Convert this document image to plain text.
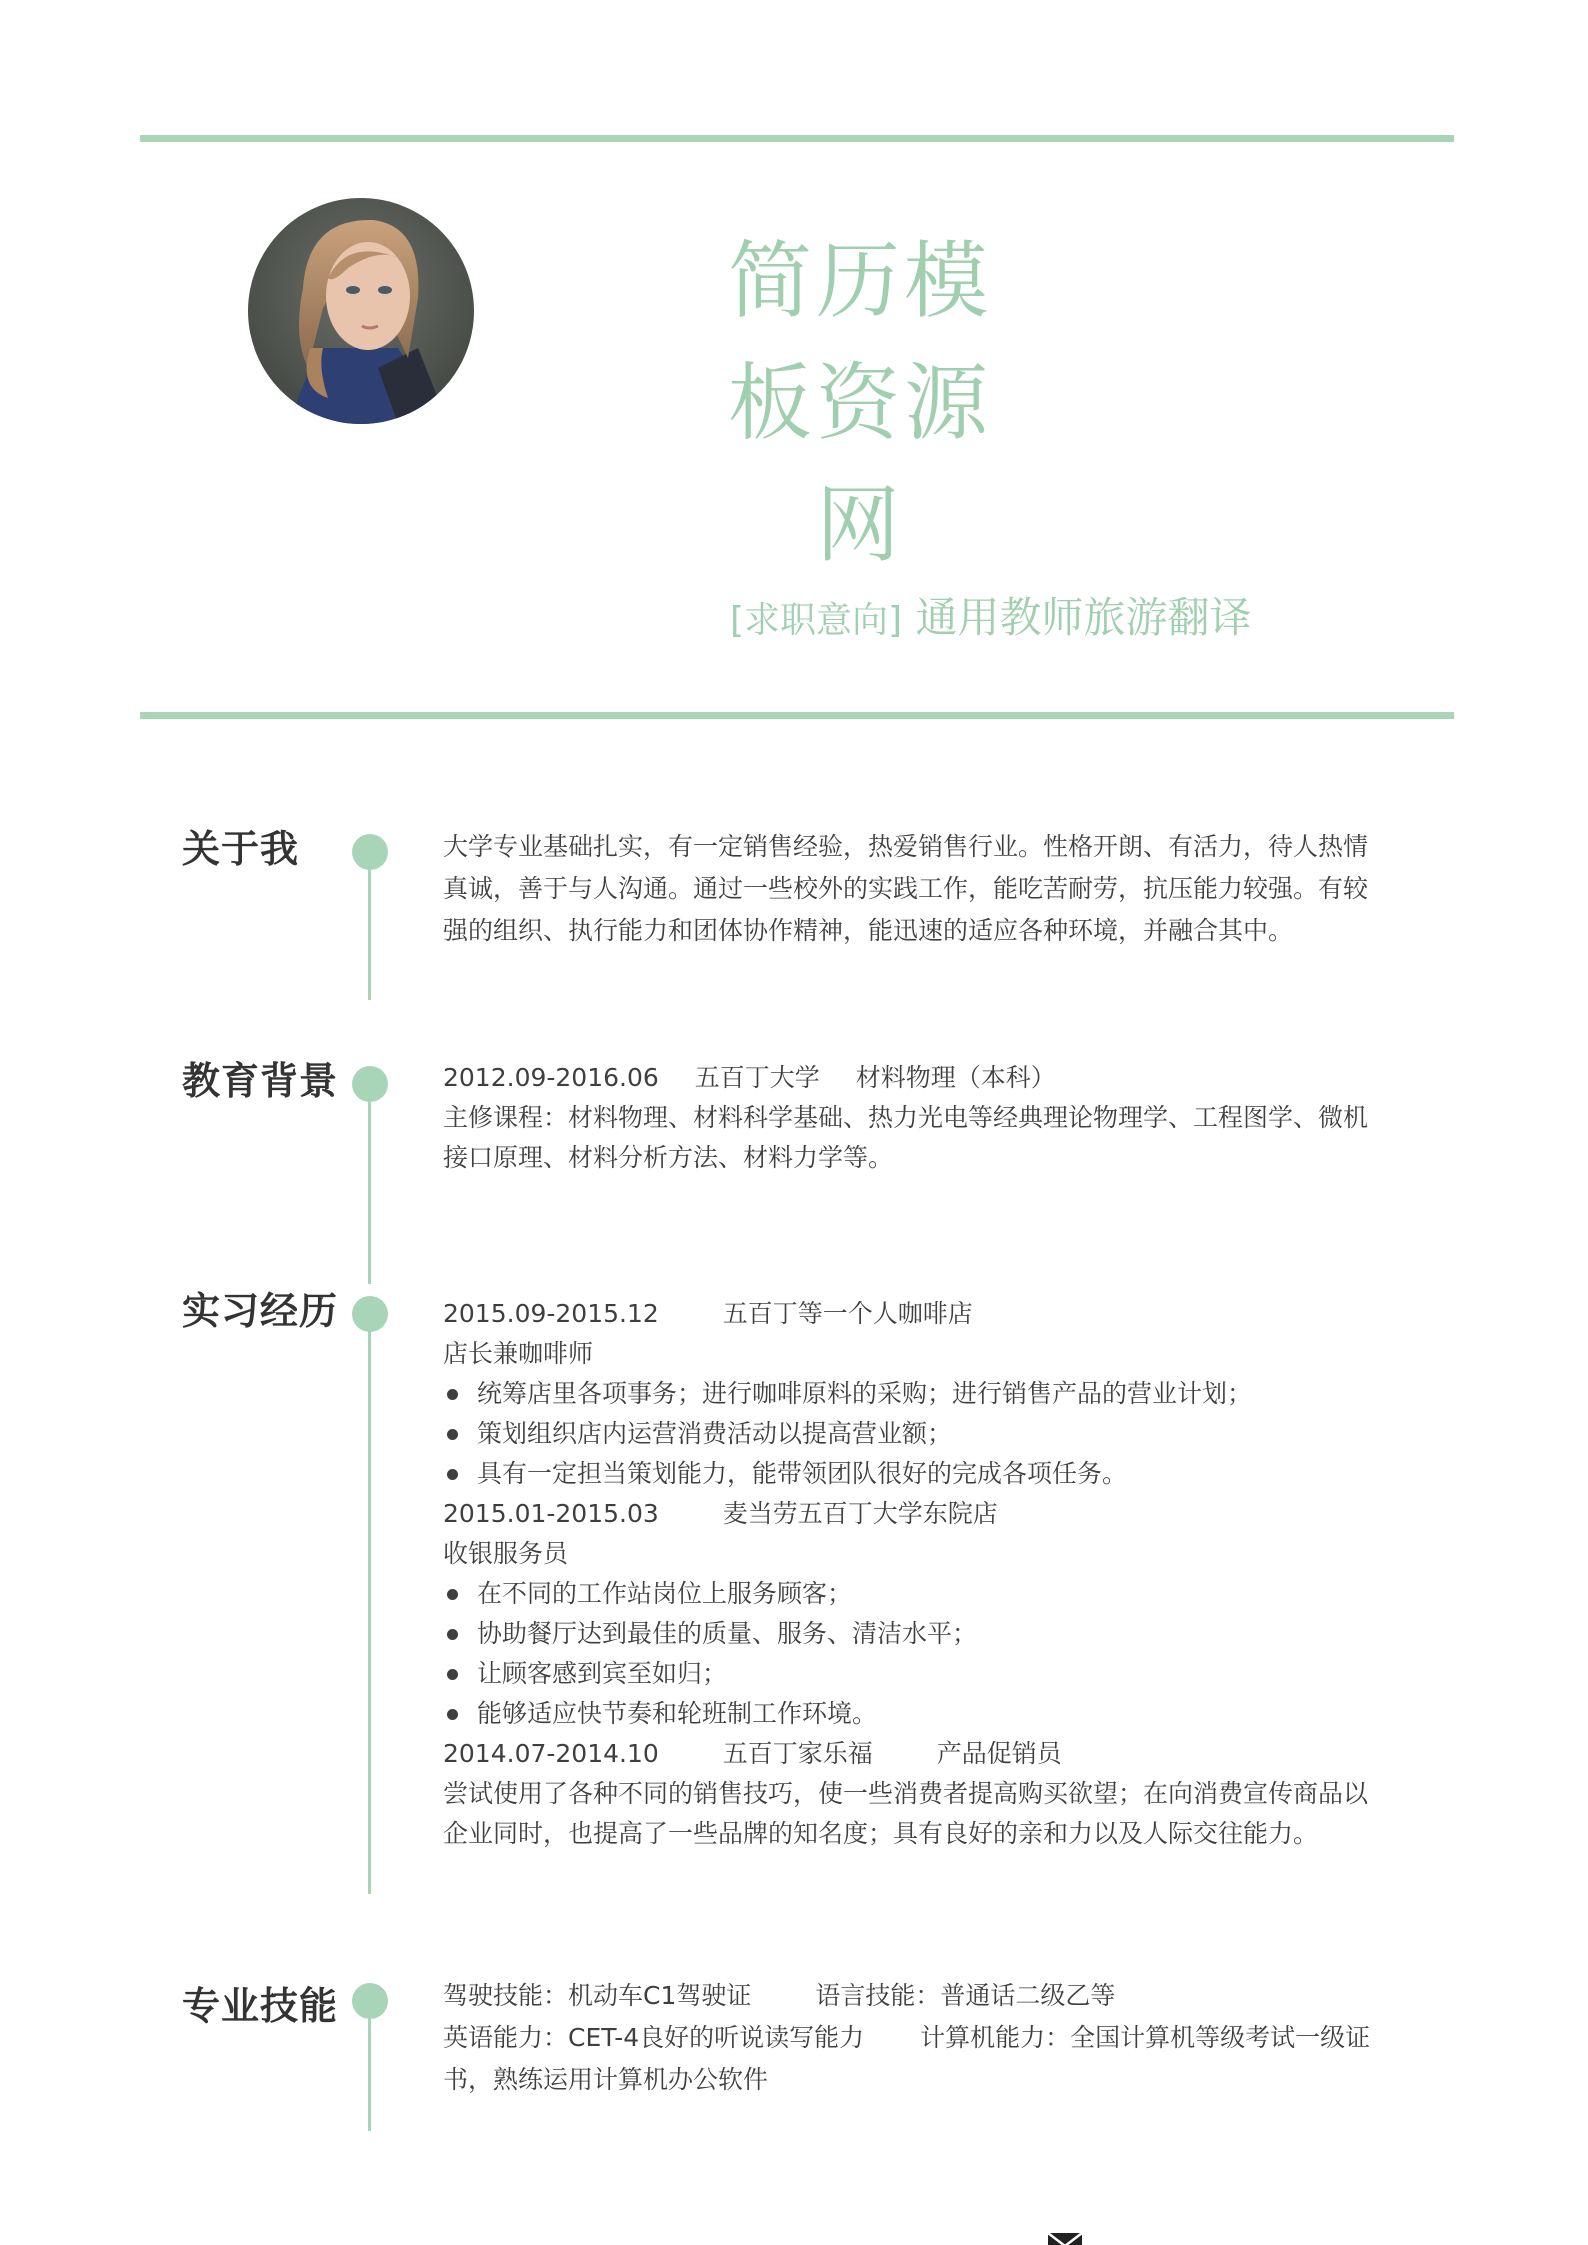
简历模
板资源
网
[求职意向] 通用教师旅游翻译
关于我	大学专业基础扎实，有一定销售经验，热爱销售行业。性格开朗、有活力，待人热情真诚，善于与人沟通。通过一些校外的实践工作，能吃苦耐劳，抗压能力较强。有较强的组织、执行能力和团体协作精神，能迅速的适应各种环境，并融合其中。

教育背景	2012.09-2016.06 五百丁大学 材料物理（本科）

主修课程：材料物理、材料科学基础、热力光电等经典理论物理学、工程图学、微机接口原理、材料分析方法、材料力学等。

实习经历	2015.09-2015.12	五百丁等一个人咖啡店

店长兼咖啡师

统筹店里各项事务；进行咖啡原料的采购；进行销售产品的营业计划；

策划组织店内运营消费活动以提高营业额；

具有一定担当策划能力，能带领团队很好的完成各项任务。

2015.01-2015.03	麦当劳五百丁大学东院店

收银服务员

在不同的工作站岗位上服务顾客；

协助餐厅达到最佳的质量、服务、清洁水平；

让顾客感到宾至如归；

能够适应快节奏和轮班制工作环境。

2014.07-2014.10	五百丁家乐福	产品促销员

尝试使用了各种不同的销售技巧，使一些消费者提高购买欲望；在向消费宣传商品以企业同时，也提高了一些品牌的知名度；具有良好的亲和力以及人际交往能力。

专业技能	驾驶技能：机动车C1驾驶证	语言技能：普通话二级乙等

英语能力：CET-4良好的听说读写能力 计算机能力：全国计算机等级考试一级证书，熟练运用计算机办公软件
